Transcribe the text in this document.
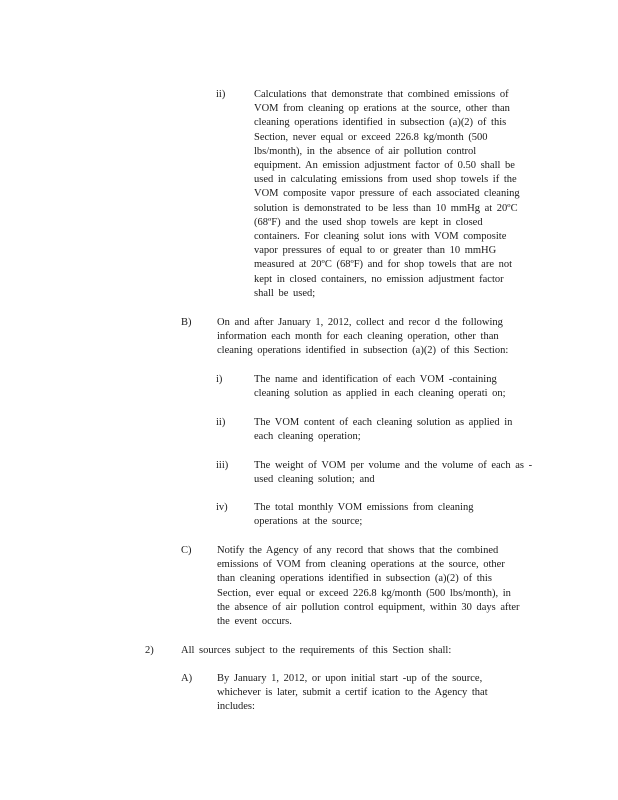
ii)	Calculations that demonstrate that combined emissions of
VOM from cleaning op erations at the source, other than
cleaning operations identified in subsection (a)(2) of this
Section, never equal or exceed 226.8 kg/month (500
lbs/month), in the absence of air pollution control
equipment. An emission adjustment factor of 0.50 shall be
used in calculating emissions from used shop towels if the
VOM composite vapor pressure of each associated cleaning
solution is demonstrated to be less than 10 mmHg at 20ºC
(68ºF) and the used shop towels are kept in closed
containers. For cleaning solut ions with VOM composite
vapor pressures of equal to or greater than 10 mmHG
measured at 20ºC (68ºF) and for shop towels that are not
kept in closed containers, no emission adjustment factor
shall be used;
B) On and after January 1, 2012, collect and recor d the following
information each month for each cleaning operation, other than
cleaning operations identified in subsection (a)(2) of this Section:
i)	The name and identification of each VOM -containing
cleaning solution as applied in each cleaning operati on;
ii)	The VOM content of each cleaning solution as applied in
each cleaning operation;
iii) The weight of VOM per volume and the volume of each as -
used cleaning solution; and
iv)	The total monthly VOM emissions from cleaning
operations at the source;
C) Notify the Agency of any record that shows that the combined
emissions of VOM from cleaning operations at the source, other
than cleaning operations identified in subsection (a)(2) of this
Section, ever equal or exceed 226.8 kg/month (500 lbs/month), in
the absence of air pollution control equipment, within 30 days after
the event occurs.
2)	All sources subject to the requirements of this Section shall:
A) By January 1, 2012, or upon initial start -up of the source,
whichever is later, submit a certif ication to the Agency that
includes:
